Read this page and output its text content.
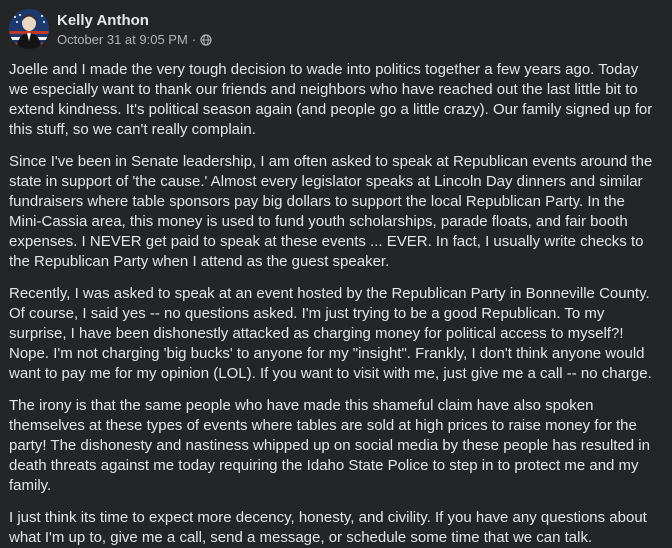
Kelly Anthon
October 31 at 9:05 PM ·

Joelle and I made the very tough decision to wade into politics together a few years ago. Today we especially want to thank our friends and neighbors who have reached out the last little bit to extend kindness. It's political season again (and people go a little crazy). Our family signed up for this stuff, so we can't really complain.

Since I've been in Senate leadership, I am often asked to speak at Republican events around the state in support of 'the cause.' Almost every legislator speaks at Lincoln Day dinners and similar fundraisers where table sponsors pay big dollars to support the local Republican Party. In the Mini-Cassia area, this money is used to fund youth scholarships, parade floats, and fair booth expenses. I NEVER get paid to speak at these events ... EVER. In fact, I usually write checks to the Republican Party when I attend as the guest speaker.

Recently, I was asked to speak at an event hosted by the Republican Party in Bonneville County. Of course, I said yes -- no questions asked. I'm just trying to be a good Republican. To my surprise, I have been dishonestly attacked as charging money for political access to myself?! Nope. I'm not charging 'big bucks' to anyone for my "insight". Frankly, I don't think anyone would want to pay me for my opinion (LOL). If you want to visit with me, just give me a call -- no charge.

The irony is that the same people who have made this shameful claim have also spoken themselves at these types of events where tables are sold at high prices to raise money for the party! The dishonesty and nastiness whipped up on social media by these people has resulted in death threats against me today requiring the Idaho State Police to step in to protect me and my family.

I just think its time to expect more decency, honesty, and civility. If you have any questions about what I'm up to, give me a call, send a message, or schedule some time that we can talk.
